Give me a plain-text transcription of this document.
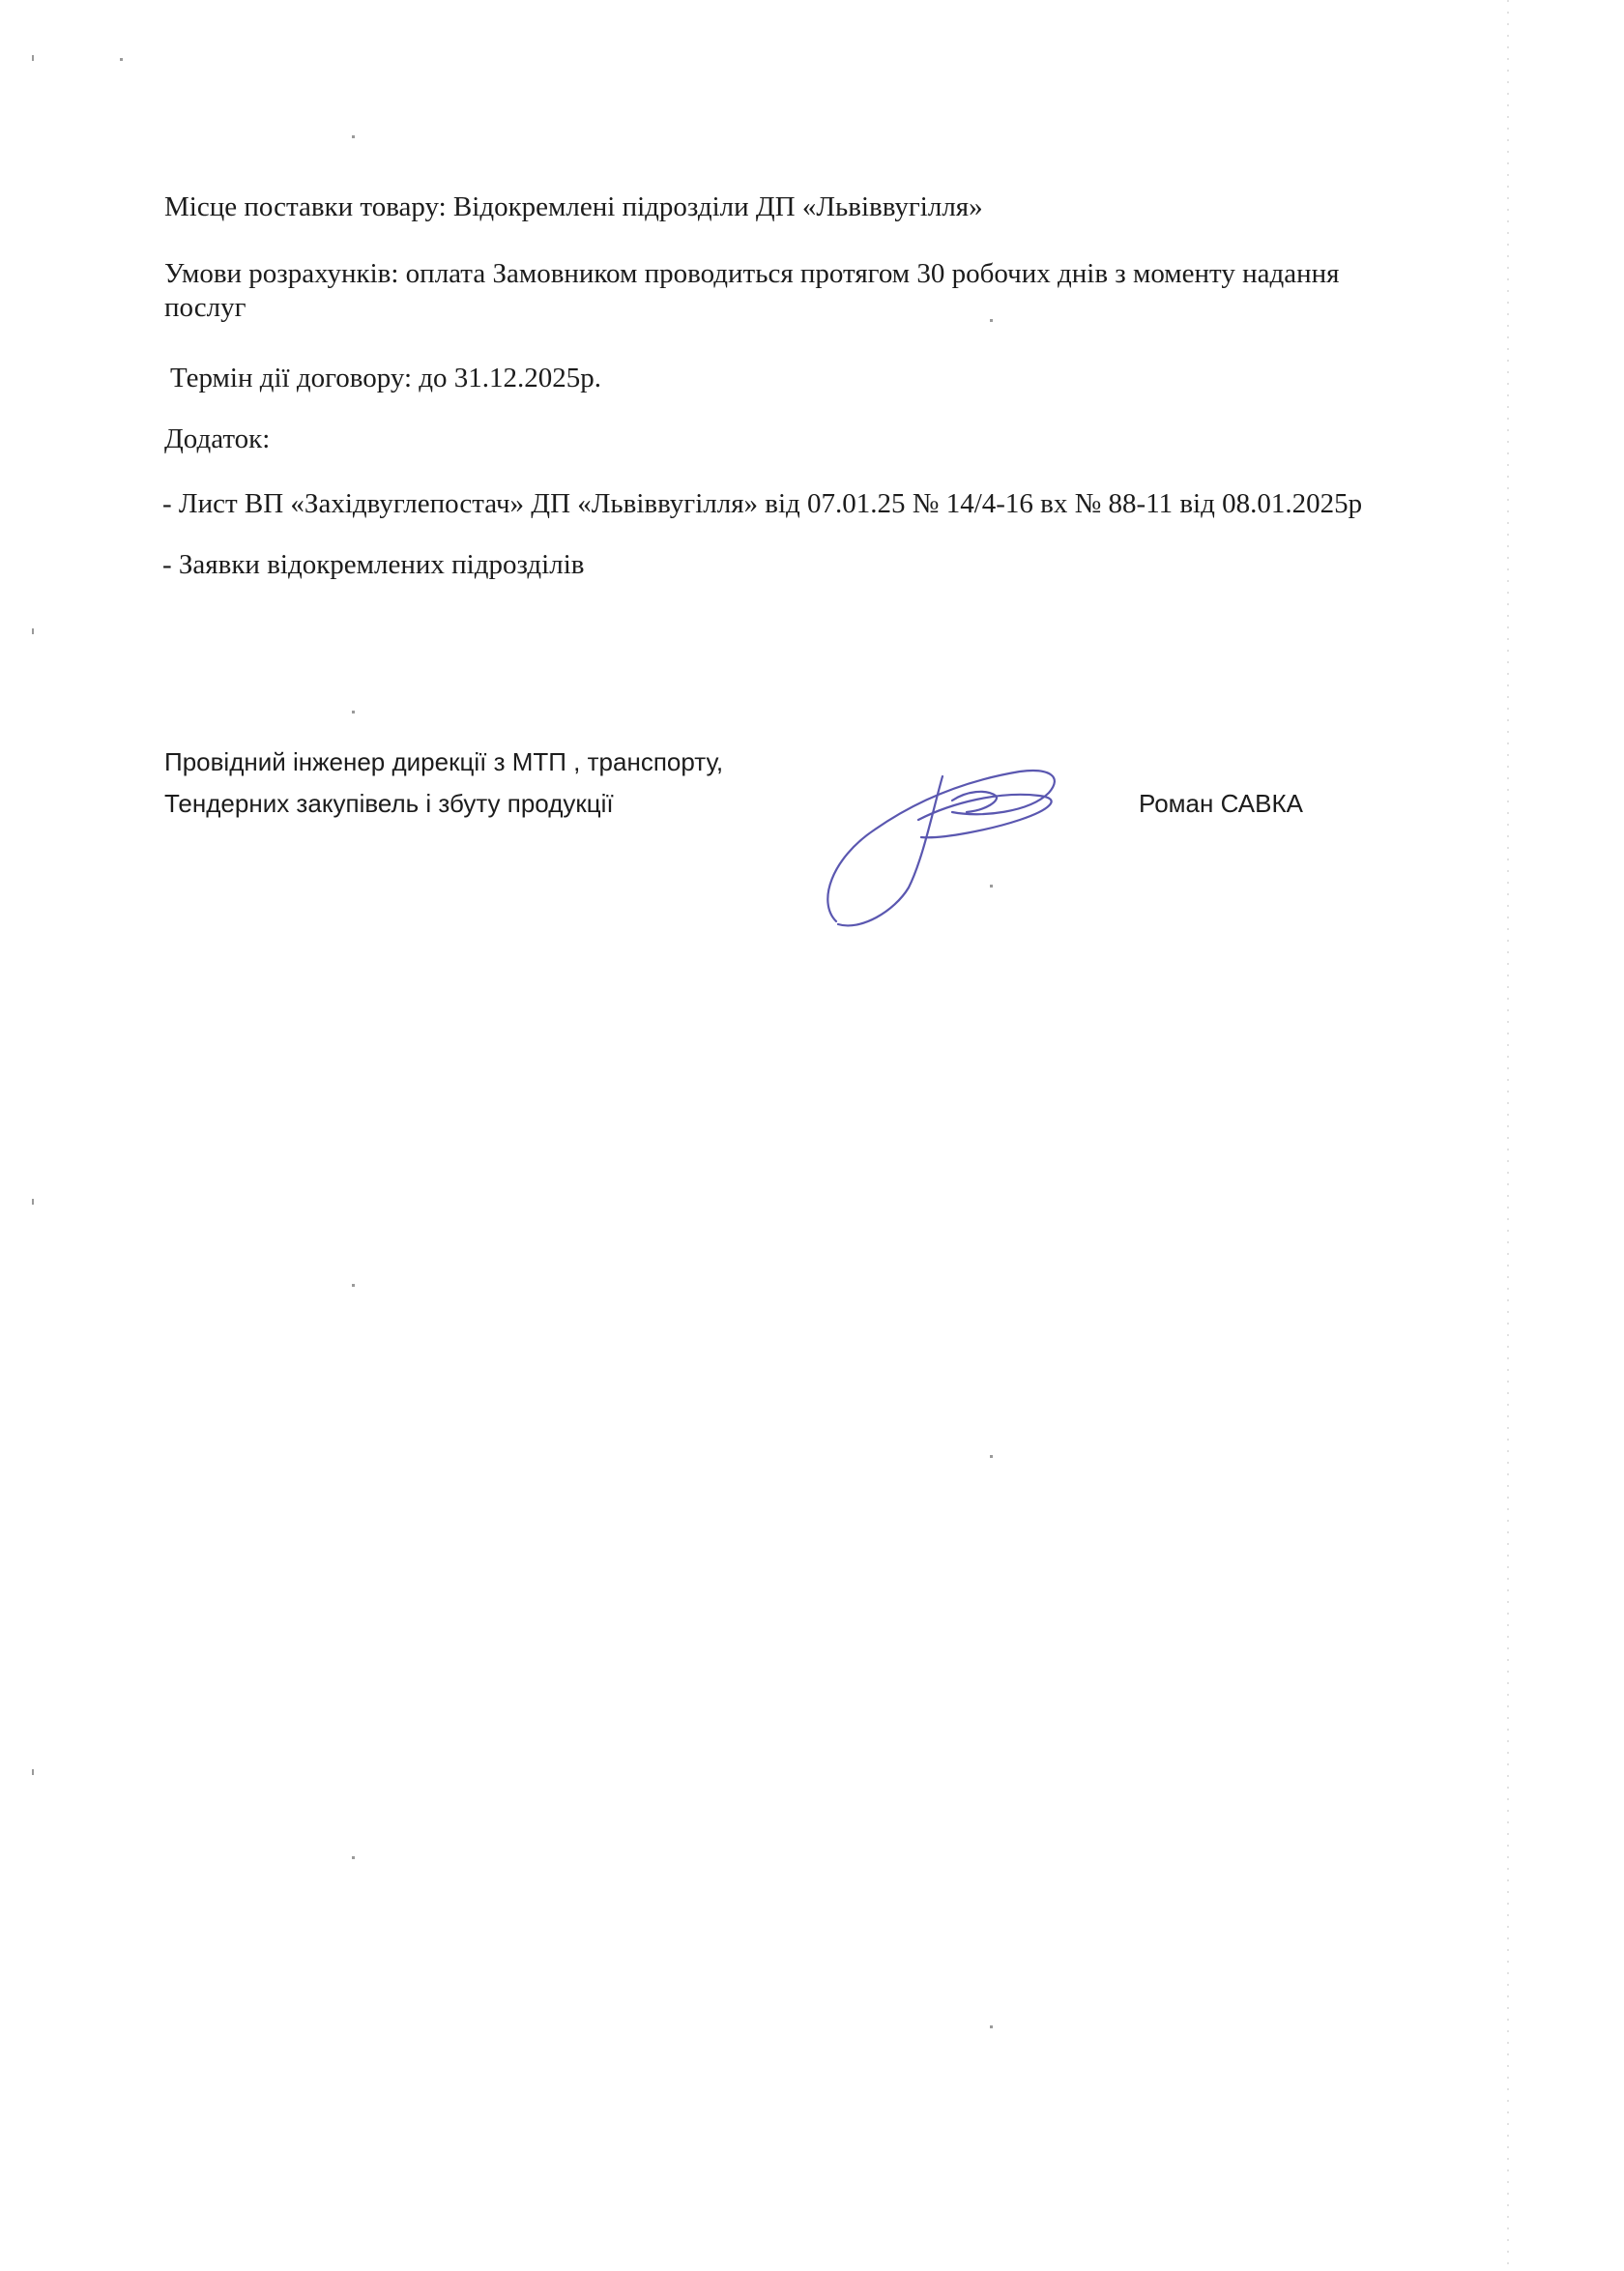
Місце поставки товару: Відокремлені підрозділи ДП «Львіввугілля»
Умови розрахунків: оплата Замовником проводиться протягом 30 робочих днів з моменту надання
послуг
Термін дії договору: до 31.12.2025р.
Додаток:
- Лист ВП «Західвуглепостач» ДП «Львіввугілля» від 07.01.25 № 14/4-16 вх № 88-11 від 08.01.2025р
- Заявки відокремлених підрозділів
Провідний інженер дирекції з МТП , транспорту,
Тендерних закупівель і збуту продукції	Роман САВКА
